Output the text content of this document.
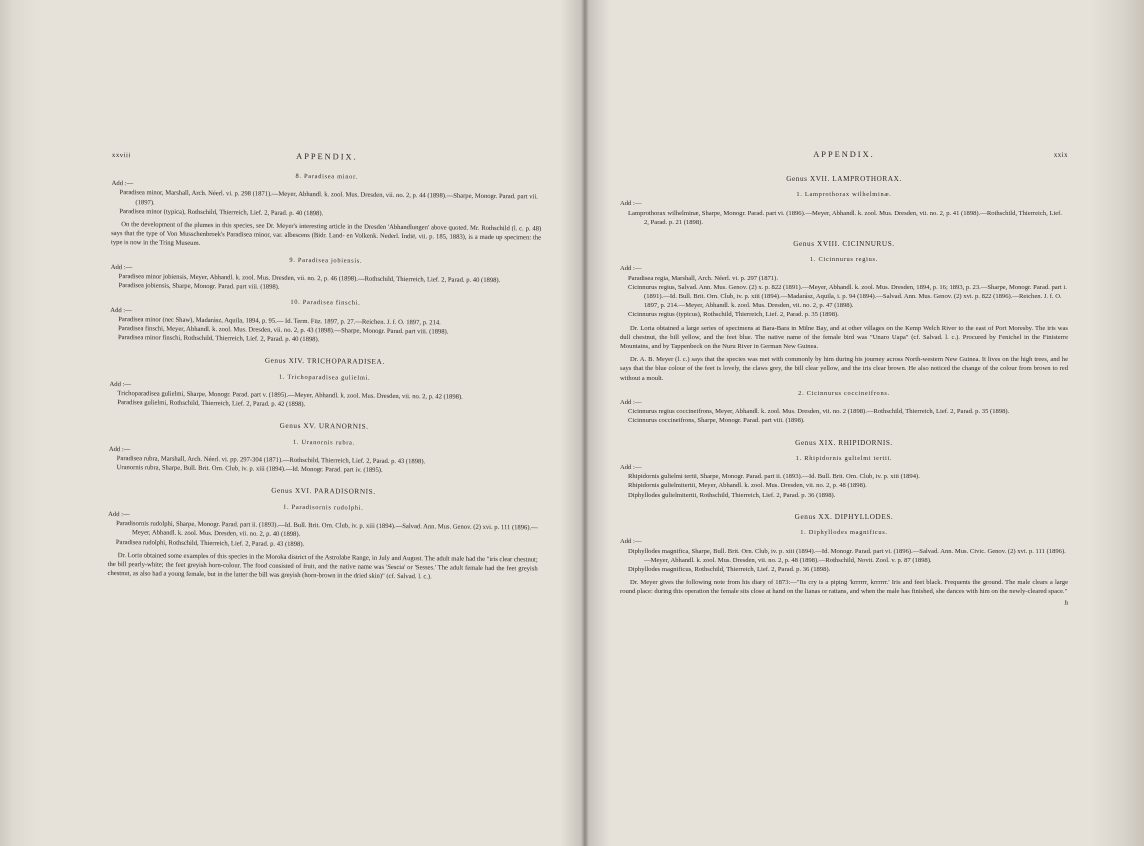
xxviii	APPENDIX.
8. Paradisea minor.
Add :—
Paradisea minor, Marshall, Arch. Néerl. vi. p. 298 (1871).—Meyer, Abhandl. k. zool. Mus. Dresden, vii. no. 2, p. 44 (1898).—Sharpe, Monogr. Parad. part vii. (1897).
Paradisea minor (typica), Rothschild, Thierreich, Lief. 2, Parad. p. 40 (1898).
On the development of the plumes in this species, see Dr. Meyer's interesting article in the Dresden 'Abhandlungen' above quoted. Mr. Rothschild (l. c. p. 48) says that the type of Von Musschenbroek's Paradisea minor, var. albescens (Bidr. Land- en Volkenk. Nederl. Indië, vii. p. 185, 1883), is a made up specimen: the type is now in the Tring Museum.
9. Paradisea jobiensis.
Add :—
Paradisea minor jobiensis, Meyer, Abhandl. k. zool. Mus. Dresden, vii. no. 2, p. 46 (1898).—Rothschild, Thierreich, Lief. 2, Parad. p. 40 (1898).
Paradisea jobiensis, Sharpe, Monogr. Parad. part viii. (1898).
10. Paradisea finschi.
Add :—
Paradisea minor (nec Shaw), Madarász, Aquila, 1894, p. 95.— Id. Term. Füz. 1897, p. 27.—Reichen. J. f. O. 1897, p. 214.
Paradisea finschi, Meyer, Abhandl. k. zool. Mus. Dresden, vii. no. 2, p. 43 (1898).—Sharpe, Monogr. Parad. part viii. (1898).
Paradisea minor finschi, Rothschild, Thierreich, Lief. 2, Parad. p. 40 (1898).
Genus XIV. TRICHOPARADISEA.
1. Trichoparadisea gulielmi.
Add :—
Trichoparadisea gulielmi, Sharpe, Monogr. Parad. part v. (1895).—Meyer, Abhandl. k. zool. Mus. Dresden, vii. no. 2, p. 42 (1898).
Paradisea gulielmi, Rothschild, Thierreich, Lief. 2, Parad. p. 42 (1898).
Genus XV. URANORNIS.
1. Uranornis rubra.
Add :—
Paradisea rubra, Marshall, Arch. Néerl. vi. pp. 297-304 (1871).—Rothschild, Thierreich, Lief. 2, Parad. p. 43 (1898).
Uranornis rubra, Sharpe, Bull. Brit. Orn. Club, iv. p. xiii (1894).—Id. Monogr. Parad. part iv. (1895).
Genus XVI. PARADISORNIS.
1. Paradisornis rudolphi.
Add :—
Paradisornis rudolphi, Sharpe, Monogr. Parad. part ii. (1893).—Id. Bull. Brit. Orn. Club, iv. p. xiii (1894).—Salvad. Ann. Mus. Genov. (2) xvi. p. 111 (1896).—Meyer, Abhandl. k. zool. Mus. Dresden, vii. no. 2, p. 40 (1898).
Paradisea rudolphi, Rothschild, Thierreich, Lief. 2, Parad. p. 43 (1898).
Dr. Loria obtained some examples of this species in the Moroka district of the Astrolabe Range, in July and August. The adult male had the "iris clear chestnut; the bill pearly-white; the feet greyish horn-colour. The food consisted of fruit, and the native name was 'Sescia' or 'Sesses.' The adult female had the feet greyish chestnut, as also had a young female, but in the latter the bill was greyish (horn-brown in the dried skin)" (cf. Salvad. l. c.).
APPENDIX.	xxix
Genus XVII. LAMPROTHORAX.
1. Lamprothorax wilhelminæ.
Add :—
Lamprothorax wilhelminæ, Sharpe, Monogr. Parad. part vi. (1896).—Meyer, Abhandl. k. zool. Mus. Dresden, vii. no. 2, p. 41 (1898).—Rothschild, Thierreich, Lief. 2, Parad. p. 21 (1898).
Genus XVIII. CICINNURUS.
1. Cicinnurus regius.
Add :—
Paradisea regia, Marshall, Arch. Néerl. vi. p. 297 (1871).
Cicinnurus regius, Salvad. Ann. Mus. Genov. (2) x. p. 822 (1891).—Meyer, Abhandl. k. zool. Mus. Dresden, 1894, p. 16; 1893, p. 23.—Sharpe, Monogr. Parad. part i. (1891).—Id. Bull. Brit. Orn. Club, iv. p. xiii (1894).—Madarász, Aquila, i. p. 94 (1894).—Salvad. Ann. Mus. Genov. (2) xvi. p. 822 (1896).—Reichen. J. f. O. 1897, p. 214.—Meyer, Abhandl. k. zool. Mus. Dresden, vii. no. 2, p. 47 (1898).
Cicinnurus regius (typicus), Rothschild, Thierreich, Lief. 2, Parad. p. 35 (1898).
Dr. Loria obtained a large series of specimens at Bara-Bara in Milne Bay, and at other villages on the Kemp Welch River to the east of Port Moresby. The iris was dull chestnut, the bill yellow, and the feet blue. The native name of the female bird was "Unaro Uapa" (cf. Salvad. l. c.). Procured by Fenichel in the Finisterre Mountains, and by Tappenbeck on the Nuru River in German New Guinea.
Dr. A. B. Meyer (l. c.) says that the species was met with commonly by him during his journey across North-western New Guinea. It lives on the high trees, and he says that the blue colour of the feet is lovely, the claws grey, the bill clear yellow, and the iris clear brown. He also noticed the change of the colour from brown to red without a moult.
2. Cicinnurus coccineifrons.
Add :—
Cicinnurus regius coccineifrons, Meyer, Abhandl. k. zool. Mus. Dresden, vii. no. 2 (1898).—Rothschild, Thierreich, Lief. 2, Parad. p. 35 (1898).
Cicinnurus coccineifrons, Sharpe, Monogr. Parad. part viii. (1898).
Genus XIX. RHIPIDORNIS.
1. Rhipidornis gulielmi tertii.
Add :—
Rhipidornis gulielmi tertii, Sharpe, Monogr. Parad. part ii. (1893).—Id. Bull. Brit. Orn. Club, iv. p. xiii (1894).
Rhipidornis gulielmitertii, Meyer, Abhandl. k. zool. Mus. Dresden, vii. no. 2, p. 48 (1898).
Diphyllodes gulielmitertii, Rothschild, Thierreich, Lief. 2, Parad. p. 36 (1898).
Genus XX. DIPHYLLODES.
1. Diphyllodes magnificus.
Add :—
Diphyllodes magnifica, Sharpe, Bull. Brit. Orn. Club, iv. p. xiii (1894).—Id. Monogr. Parad. part vi. (1896).—Salvad. Ann. Mus. Civic. Genov. (2) xvi. p. 111 (1896).—Meyer, Abhandl. k. zool. Mus. Dresden, vii. no. 2, p. 48 (1898).—Rothschild, Novit. Zool. v. p. 87 (1898).
Diphyllodes magnificus, Rothschild, Thierreich, Lief. 2, Parad. p. 36 (1898).
Dr. Meyer gives the following note from his diary of 1873:—"Its cry is a piping 'krrrrrr, krrrrrr.' Iris and feet black. Frequents the ground. The male clears a large round place: during this operation the female sits close at hand on the lianas or rattans, and when the male has finished, she dances with him on the newly-cleared space."
h
